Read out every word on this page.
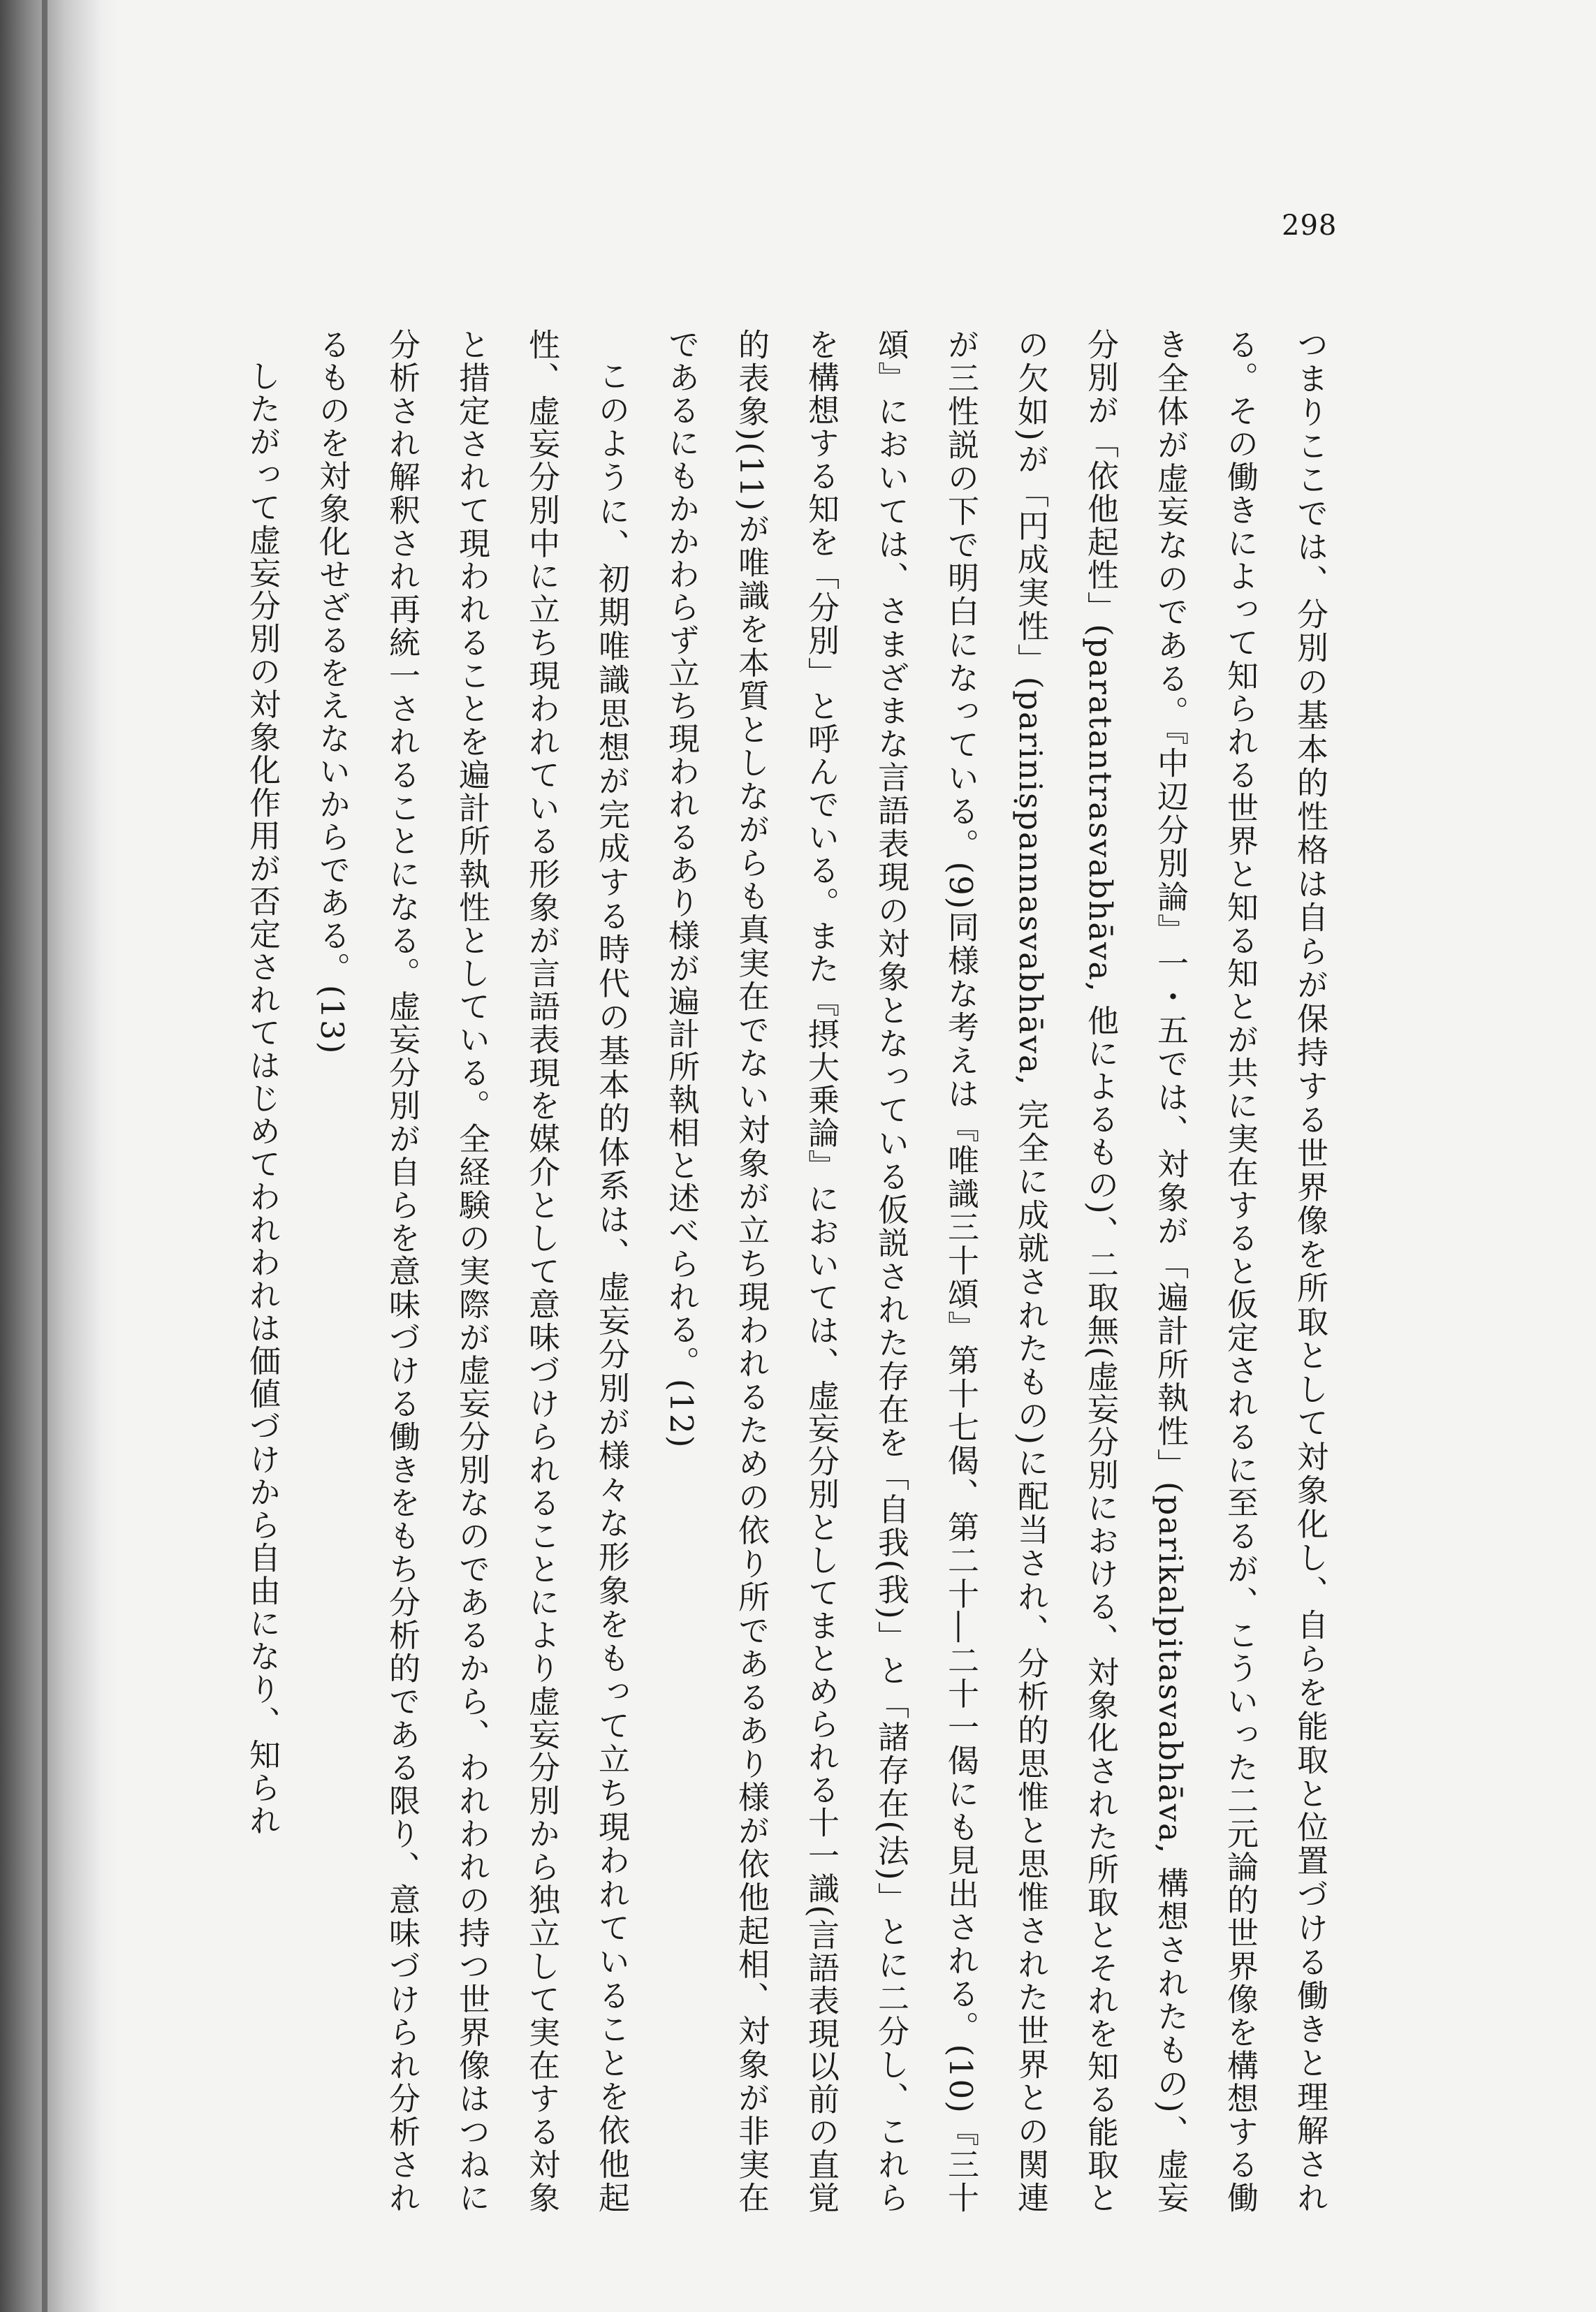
298

つまりここでは、分別の基本的性格は自らが保持する世界像を所取として対象化し、自らを能取と位置づける働きと理解される。その働きによって知られる世界と知る知とが共に実在すると仮定されるに至るが、こういった二元論的世界像を構想する働き全体が虚妄なのである。『中辺分別論』一・五では、対象が「遍計所執性」(parikalpitasvabhāva, 構想されたもの)、虚妄分別が「依他起性」(paratantrasvabhāva, 他によるもの)、二取無(虚妄分別における、対象化された所取とそれを知る能取との欠如)が「円成実性」(pariniṣpannasvabhāva, 完全に成就されたもの)に配当され、分析的思惟と思惟された世界との関連が三性説の下で明白になっている。(9)同様な考えは『唯識三十頌』第十七偈、第二十―二十一偈にも見出される。(10)『三十頌』においては、さまざまな言語表現の対象となっている仮説された存在を「自我(我)」と「諸存在(法)」とに二分し、これらを構想する知を「分別」と呼んでいる。また『摂大乗論』においては、虚妄分別としてまとめられる十一識(言語表現以前の直覚的表象)(11)が唯識を本質としながらも真実在でない対象が立ち現われるための依り所であるあり様が依他起相、対象が非実在であるにもかかわらず立ち現われるあり様が遍計所執相と述べられる。(12)

このように、初期唯識思想が完成する時代の基本的体系は、虚妄分別が様々な形象をもって立ち現われていることを依他起性、虚妄分別中に立ち現われている形象が言語表現を媒介として意味づけられることにより虚妄分別から独立して実在する対象と措定されて現われることを遍計所執性としている。全経験の実際が虚妄分別なのであるから、われわれの持つ世界像はつねに分析され解釈され再統一されることになる。虚妄分別が自らを意味づける働きをもち分析的である限り、意味づけられ分析されるものを対象化せざるをえないからである。(13)

したがって虚妄分別の対象化作用が否定されてはじめてわれわれは価値づけから自由になり、知られ
